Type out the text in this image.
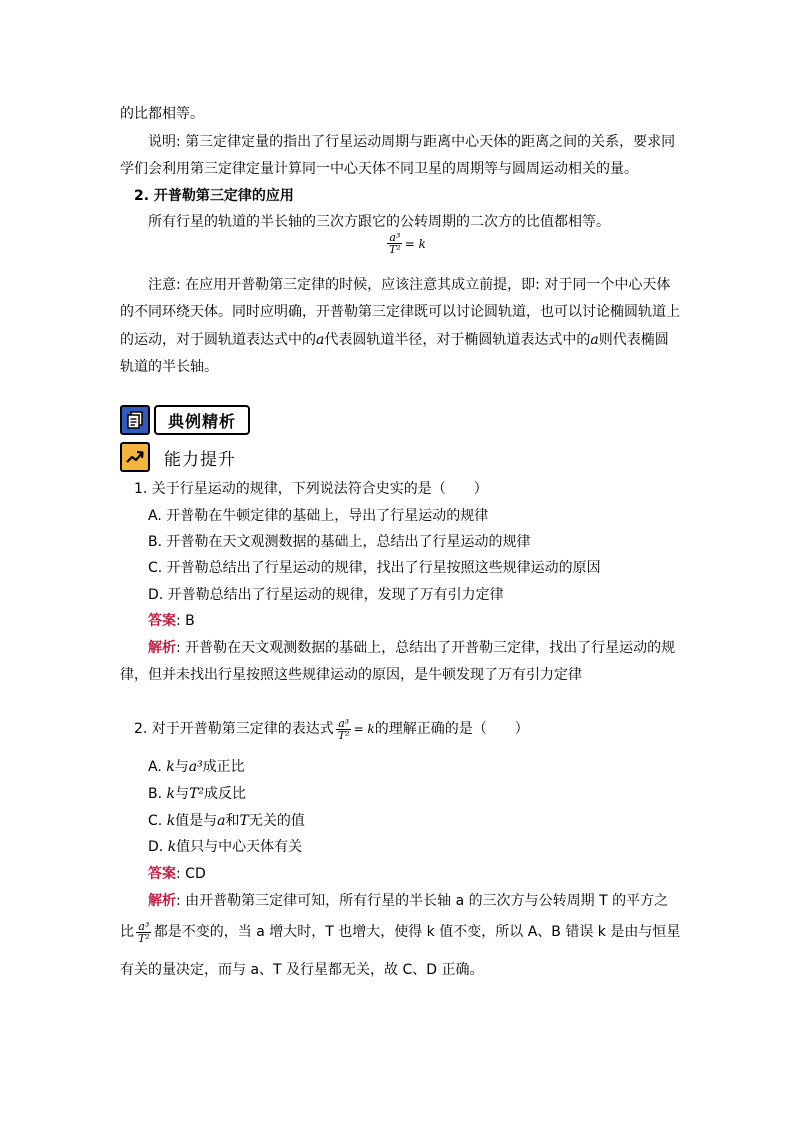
的比都相等。
说明: 第三定律定量的指出了行星运动周期与距离中心天体的距离之间的关系，要求同
学们会利用第三定律定量计算同一中心天体不同卫星的周期等与圆周运动相关的量。
2. 开普勒第三定律的应用
所有行星的轨道的半长轴的三次方跟它的公转周期的二次方的比值都相等。
$\frac{\text{a³}}{\text{T²}} = k$
注意: 在应用开普勒第三定律的时候，应该注意其成立前提，即: 对于同一个中心天体
的不同环绕天体。同时应明确，开普勒第三定律既可以讨论圆轨道，也可以讨论椭圆轨道上
的运动，对于圆轨道表达式中的a代表圆轨道半径，对于椭圆轨道表达式中的a则代表椭圆
轨道的半长轴。
典例精析
能力提升
1. 关于行星运动的规律，下列说法符合史实的是（　　）
A. 开普勒在牛顿定律的基础上，导出了行星运动的规律
B. 开普勒在天文观测数据的基础上，总结出了行星运动的规律
C. 开普勒总结出了行星运动的规律，找出了行星按照这些规律运动的原因
D. 开普勒总结出了行星运动的规律，发现了万有引力定律
答案: B
解析: 开普勒在天文观测数据的基础上，总结出了开普勒三定律，找出了行星运动的规
律，但并未找出行星按照这些规律运动的原因，是牛顿发现了万有引力定律
2. 对于开普勒第三定律的表达式 $\frac{\text{a³}}{\text{T²}} = k$的理解正确的是（　　）
A. k与a³成正比
B. k与T²成反比
C. k值是与a和T无关的值
D. k值只与中心天体有关
答案: CD
解析: 由开普勒第三定律可知，所有行星的半长轴 a 的三次方与公转周期 T 的平方之
比 $\frac{\text{a³}}{\text{T²}}$ 都是不变的，当 a 增大时，T 也增大，使得 k 值不变，所以 A、B 错误 k 是由与恒星
有关的量决定，而与 a、T 及行星都无关，故 C、D 正确。
